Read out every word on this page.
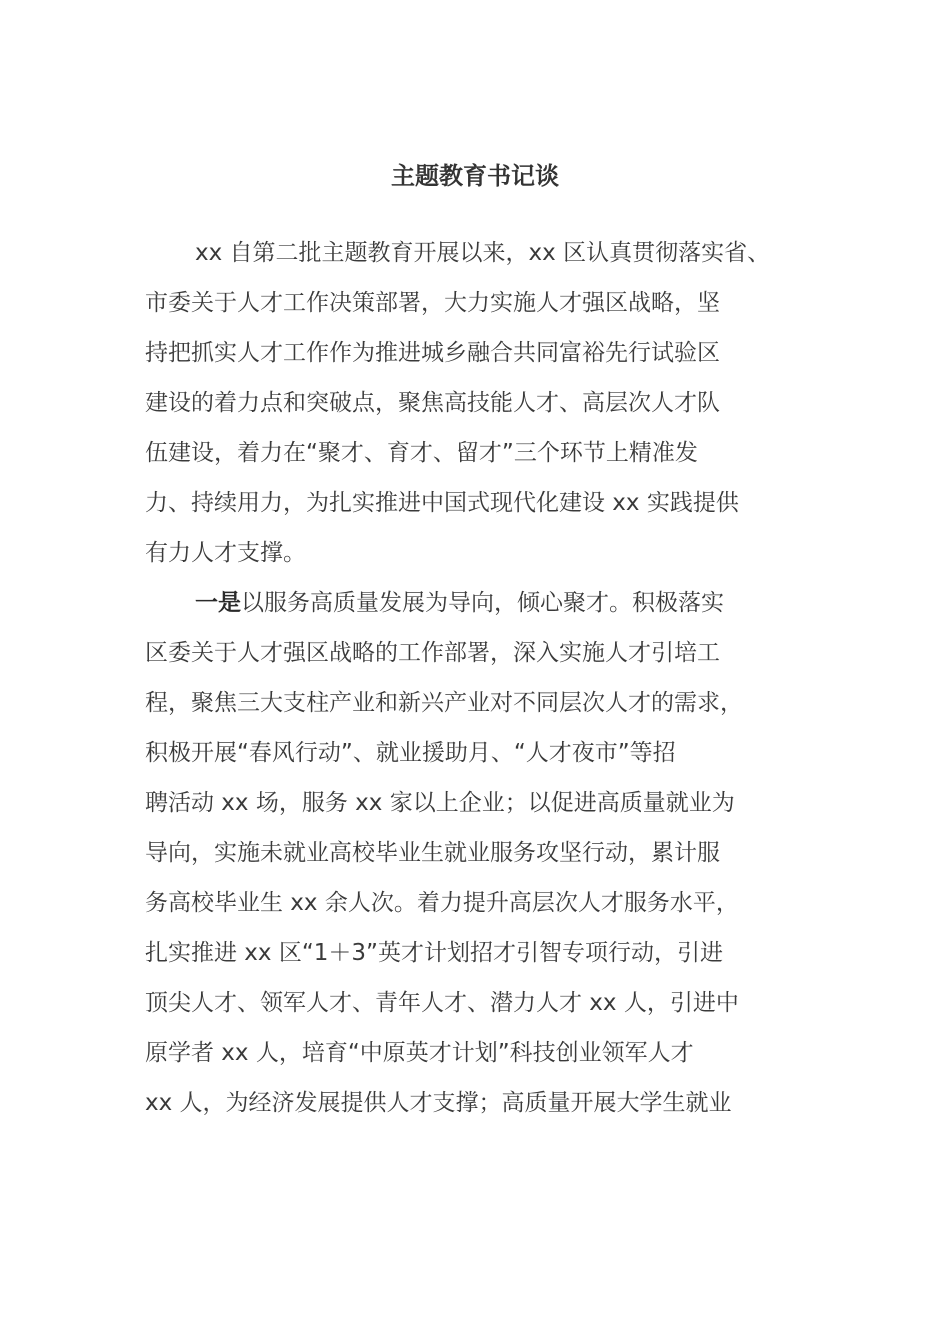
主题教育书记谈
xx 自第二批主题教育开展以来，xx 区认真贯彻落实省、
市委关于人才工作决策部署，大力实施人才强区战略，坚
持把抓实人才工作作为推进城乡融合共同富裕先行试验区
建设的着力点和突破点，聚焦高技能人才、高层次人才队
伍建设，着力在“聚才、育才、留才”三个环节上精准发
力、持续用力，为扎实推进中国式现代化建设 xx 实践提供
有力人才支撑。
一是以服务高质量发展为导向，倾心聚才。积极落实
区委关于人才强区战略的工作部署，深入实施人才引培工
程，聚焦三大支柱产业和新兴产业对不同层次人才的需求，
积极开展“春风行动”、就业援助月、“人才夜市”等招
聘活动 xx 场，服务 xx 家以上企业；以促进高质量就业为
导向，实施未就业高校毕业生就业服务攻坚行动，累计服
务高校毕业生 xx 余人次。着力提升高层次人才服务水平，
扎实推进 xx 区“1＋3”英才计划招才引智专项行动，引进
顶尖人才、领军人才、青年人才、潜力人才 xx 人，引进中
原学者 xx 人，培育“中原英才计划”科技创业领军人才
xx 人，为经济发展提供人才支撑；高质量开展大学生就业
